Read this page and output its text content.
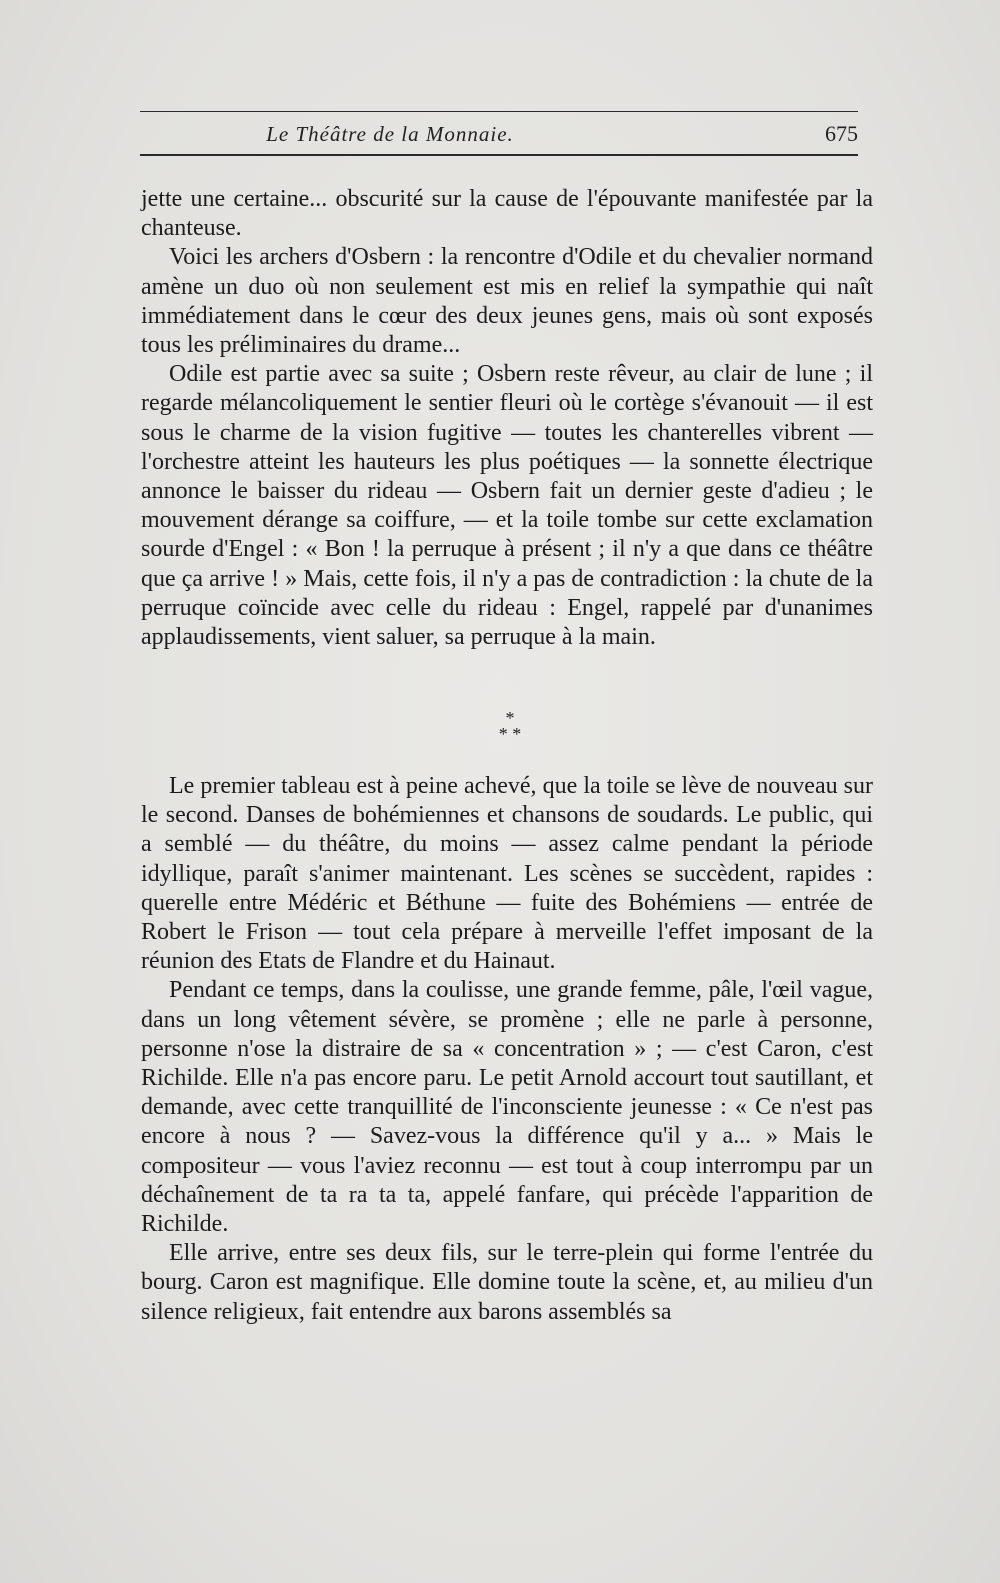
Le Théâtre de la Monnaie.	675

jette une certaine... obscurité sur la cause de l'épouvante manifestée par la chanteuse.

Voici les archers d'Osbern : la rencontre d'Odile et du chevalier normand amène un duo où non seulement est mis en relief la sympathie qui naît immédiatement dans le cœur des deux jeunes gens, mais où sont exposés tous les préliminaires du drame...

Odile est partie avec sa suite ; Osbern reste rêveur, au clair de lune ; il regarde mélancoliquement le sentier fleuri où le cortège s'évanouit — il est sous le charme de la vision fugitive — toutes les chanterelles vibrent — l'orchestre atteint les hauteurs les plus poétiques — la sonnette électrique annonce le baisser du rideau — Osbern fait un dernier geste d'adieu ; le mouvement dérange sa coiffure, — et la toile tombe sur cette exclamation sourde d'Engel : « Bon ! la perruque à présent ; il n'y a que dans ce théâtre que ça arrive ! » Mais, cette fois, il n'y a pas de contradiction : la chute de la perruque coïncide avec celle du rideau : Engel, rappelé par d'unanimes applaudissements, vient saluer, sa perruque à la main.

*
* *

Le premier tableau est à peine achevé, que la toile se lève de nouveau sur le second. Danses de bohémiennes et chansons de soudards. Le public, qui a semblé — du théâtre, du moins — assez calme pendant la période idyllique, paraît s'animer maintenant. Les scènes se succèdent, rapides : querelle entre Médéric et Béthune — fuite des Bohémiens — entrée de Robert le Frison — tout cela prépare à merveille l'effet imposant de la réunion des Etats de Flandre et du Hainaut.

Pendant ce temps, dans la coulisse, une grande femme, pâle, l'œil vague, dans un long vêtement sévère, se promène ; elle ne parle à personne, personne n'ose la distraire de sa « concentration » ; — c'est Caron, c'est Richilde. Elle n'a pas encore paru. Le petit Arnold accourt tout sautillant, et demande, avec cette tranquillité de l'inconsciente jeunesse : « Ce n'est pas encore à nous ? — Savez-vous la différence qu'il y a... » Mais le compositeur — vous l'aviez reconnu — est tout à coup interrompu par un déchaînement de ta ra ta ta, appelé fanfare, qui précède l'apparition de Richilde.

Elle arrive, entre ses deux fils, sur le terre-plein qui forme l'entrée du bourg. Caron est magnifique. Elle domine toute la scène, et, au milieu d'un silence religieux, fait entendre aux barons assemblés sa
